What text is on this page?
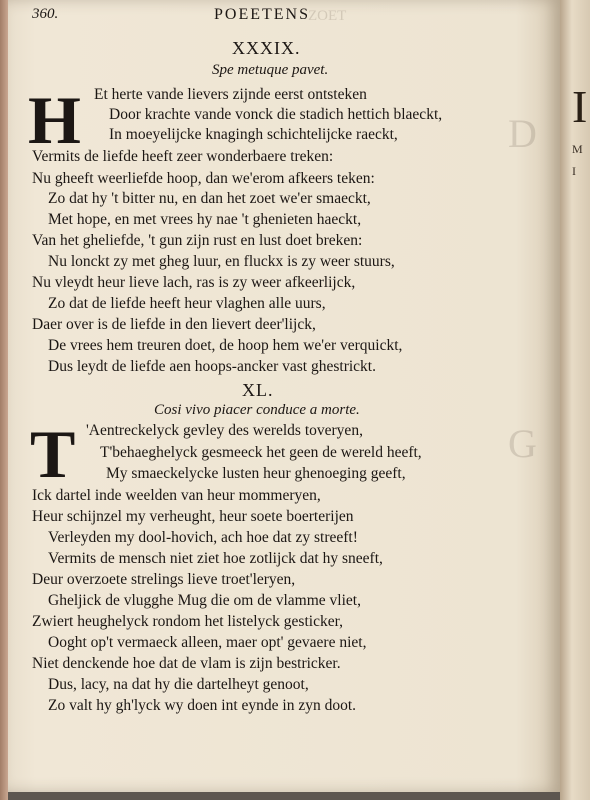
I
M
I
ZOET
D
G
360.	POEETENS
XXXIX.
Spe metuque pavet.
H Et herte vande lievers zijnde eerst ontsteken
Door krachte vande vonck die stadich hettich blaeckt,
In moeyelijcke knagingh schichtelijcke raeckt,
Vermits de liefde heeft zeer wonderbaere treken:
Nu gheeft weerliefde hoop, dan we'erom afkeers teken:
Zo dat hy 't bitter nu, en dan het zoet we'er smaeckt,
Met hope, en met vrees hy nae 't ghenieten haeckt,
Van het gheliefde, 't gun zijn rust en lust doet breken:
Nu lonckt zy met gheg luur, en fluckx is zy weer stuurs,
Nu vleydt heur lieve lach, ras is zy weer afkeerlijck,
Zo dat de liefde heeft heur vlaghen alle uurs,
Daer over is de liefde in den lievert deer'lijck,
De vrees hem treuren doet, de hoop hem we'er verquickt,
Dus leydt de liefde aen hoops-ancker vast ghestrickt.
XL.
Cosi vivo piacer conduce a morte.
T 'Aentreckelyck gevley des werelds toveryen,
T'behaeghelyck gesmeeck het geen de wereld heeft,
My smaeckelycke lusten heur ghenoeging geeft,
Ick dartel inde weelden van heur mommeryen,
Heur schijnzel my verheught, heur soete boerterijen
Verleyden my dool-hovich, ach hoe dat zy streeft!
Vermits de mensch niet ziet hoe zotlijck dat hy sneeft,
Deur overzoete strelings lieve troet'leryen,
Gheljick de vlugghe Mug die om de vlamme vliet,
Zwiert heughelyck rondom het listelyck gesticker,
Ooght op't vermaeck alleen, maer opt' gevaere niet,
Niet denckende hoe dat de vlam is zijn bestricker.
Dus, lacy, na dat hy die dartelheyt genoot,
Zo valt hy gh'lyck wy doen int eynde in zyn doot.
